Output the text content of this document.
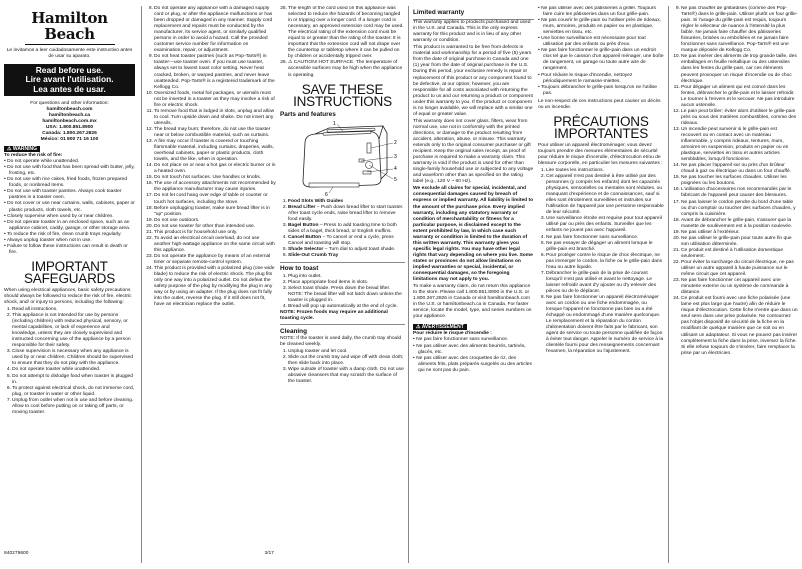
Hamilton Beach
Le invitamos a leer cuidadosamente este instructivo antes de usar su aparato.
Read before use.
Lire avant l'utilisation.
Lea antes de usar.
For questions and other information:
hamiltonbeach.com
hamiltonbeach.ca
hamiltonbeach.com.mx
USA: 1.800.851.8900
Canada: 1.800.267.2826
México: 01 800 71 16 100
⚠ WARNING
To reduce the risk of fire:
• Do not operate while unattended.
• Do not use with food that has been spread with butter, jelly, frosting, etc.
• Do not use with rice cakes, fried foods, frozen prepared foods, or nonbread items.
• Do not use with toaster pastries. Always cook toaster pastries in a toaster oven.
• Do not cover or use near curtains, walls, cabinets, paper or plastic products, cloth towels, etc.
• Closely supervise when used by or near children.
• Do not operate toaster in an enclosed space, such as an appliance cabinet, caddy, garage, or other storage area.
• To reduce the risk of fire, clean crumb trays regularly.
• Always unplug toaster when not in use.
• Failure to follow these instructions can result in death or fire.
IMPORTANT SAFEGUARDS
When using electrical appliances, basic safety precautions should always be followed to reduce the risk of fire, electric shock, and/ or injury to persons, including the following:
1. Read all instructions.
2. This appliance is not intended for use by persons (including children) with reduced physical, sensory, or mental capabilities, or lack of experience and knowledge, unless they are closely supervised and instructed concerning use of the appliance by a person responsible for their safety.
3. Close supervision is necessary when any appliance is used by or near children. Children should be supervised to ensure that they do not play with the appliance.
4. Do not operate toaster while unattended.
5. Do not attempt to dislodge food when toaster is plugged in.
6. To protect against electrical shock, do not immerse cord, plug, or toaster in water or other liquid.
7. Unplug from outlet when not in use and before cleaning. Allow to cool before putting on or taking off parts, or moving toaster.
840279600
8. Do not operate any appliance with a damaged supply cord or plug, or after the appliance malfunctions or has been dropped or damaged in any manner. Supply cord replacement and repairs must be conducted by the manufacturer, its service agent, or similarly qualified persons in order to avoid a hazard. Call the provided customer service number for information on examination, repair, or adjustment.
9. Do not heat toaster pastries (such as Pop-Tarts®) in toaster—use toaster oven. If you must use toaster, always set to lowest toast color setting. Never heat cracked, broken, or warped pastries, and never leave unattended. Pop-Tarts® is a registered trademark of the Kellogg Co.
10. Oversized foods, metal foil packages, or utensils must not be inserted in a toaster as they may involve a risk of fire or electric shock.
11. To remove food that is lodged in slots, unplug and allow to cool. Turn upside down and shake. Do not insert any utensils.
12. The bread may burn; therefore, do not use the toaster near or below combustible material, such as curtains.
13. A fire may occur if toaster is covered or touching flammable material, including curtains, draperies, walls, overhead cabinets, paper or plastic products, cloth towels, and the like, when in operation.
14. Do not place on or near a hot gas or electric burner or in a heated oven.
15. Do not touch hot surfaces. Use handles or knobs.
16. The use of accessory attachments not recommended by the appliance manufacturer may cause injuries.
17. Do not let cord hang over edge of table or counter or touch hot surfaces, including the stove.
18. Before unplugging toaster, make sure bread lifter is in "up" position.
19. Do not use outdoors.
20. Do not use toaster for other than intended use.
21. This product is for household use only.
22. To avoid an electrical circuit overload, do not use another high-wattage appliance on the same circuit with this appliance.
23. Do not operate the appliance by means of an external timer or separate remote-control system.
24. This product is provided with a polarized plug (one wide blade) to reduce the risk of electric shock. The plug fits only one way into a polarized outlet. Do not defeat the safety purpose of the plug by modifying the plug in any way or by using an adapter. If the plug does not fit fully into the outlet, reverse the plug. If it still does not fit, have an electrician replace the outlet.
3/17
25. The length of the cord used on this appliance was selected to reduce the hazards of becoming tangled in or tripping over a longer cord. If a longer cord is necessary, an approved extension cord may be used. The electrical rating of the extension cord must be equal to or greater than the rating of the toaster. It is important that the extension cord will not drape over the countertop or tabletop where it can be pulled on by children or accidentally tripped over.
26. ⚠ CAUTION! HOT SURFACE. The temperature of accessible surfaces may be high when the appliance is operating.
SAVE THESE INSTRUCTIONS
Parts and features
1
2
3
4
5
6
1. Food Slots With Guides
2. Bread Lifter – Push down bread lifter to start toaster. After toast cycle ends, raise bread lifter to remove food easily.
3. Bagel Button – Press to add toasting time to both sides of a bagel, thick bread, or English muffins.
4. Cancel Button – To cancel or end a cycle, press Cancel and toasting will stop.
5. Shade Selector – Turn dial to adjust toast shade.
6. Slide-Out Crumb Tray
How to toast
1. Plug into outlet.
2. Place appropriate food items in slots.
3. Select toast shade. Press down the bread lifter. NOTE: The bread lifter will not latch down unless the toaster is plugged in.
4. Bread will pop up automatically at the end of cycle.
NOTE: Frozen foods may require an additional toasting cycle.
Cleaning
NOTE: If the toaster is used daily, the crumb tray should be cleaned weekly.
1. Unplug toaster and let cool.
2. Slide out the crumb tray and wipe off with clean cloth; then slide back into place.
3. Wipe outside of toaster with a damp cloth. Do not use abrasive cleansers that may scratch the surface of the toaster.
Limited warranty
This warranty applies to products purchased and used in the U.S. and Canada. This is the only express warranty for this product and is in lieu of any other warranty or condition.
This product is warranted to be free from defects in material and workmanship for a period of five (5) years from the date of original purchase in Canada and one (1) year from the date of original purchase in the U.S. During this period, your exclusive remedy is repair or replacement of this product or any component found to be defective, at our option; however, you are responsible for all costs associated with returning the product to us and our returning a product or component under this warranty to you. If the product or component is no longer available, we will replace with a similar one of equal or greater value.
This warranty does not cover glass, filters, wear from normal use, use not in conformity with the printed directions, or damage to the product resulting from accident, alteration, abuse, or misuse. This warranty extends only to the original consumer purchaser or gift recipient. Keep the original sales receipt, as proof of purchase is required to make a warranty claim. This warranty is void if the product is used for other than single-family household use or subjected to any voltage and waveform other than as specified on the rating label (e.g., 120 V ~ 60 Hz).
We exclude all claims for special, incidental, and consequential damages caused by breach of express or implied warranty. All liability is limited to the amount of the purchase price. Every implied warranty, including any statutory warranty or condition of merchantability or fitness for a particular purpose, is disclaimed except to the extent prohibited by law, in which case such warranty or condition is limited to the duration of this written warranty. This warranty gives you specific legal rights. You may have other legal rights that vary depending on where you live. Some states or provinces do not allow limitations on implied warranties or special, incidental, or consequential damages, so the foregoing limitations may not apply to you.
To make a warranty claim, do not return this appliance to the store. Please call 1.800.851.8900 in the U.S. or 1.800.267.2826 in Canada or visit hamiltonbeach.com in the U.S. or hamiltonbeach.ca in Canada. For faster service, locate the model, type, and series numbers on your appliance.
⚠ AVERTISSEMENT
Pour réduire le risque d'incendie :
• Ne pas faire fonctionner sans surveillance.
• Ne pas utiliser avec des aliments beurrés, tartinés, glacés, etc.
• Ne pas utiliser avec des croquettes de riz, des aliments frits, plats préparés surgelés ou des articles qui ne sont pas du pain.
• Ne pas utiliser avec des pâtisseries à griller. Toujours faire cuire les pâtisseries dans un four grille-pain.
• Ne pas couvrir le grille-pain ou l'utiliser près de rideaux, murs, armoires, produits en papier ou en plastique, serviettes en tissu, etc.
• Une bonne surveillance est nécessaire pour tout utilisation par des enfants ou près d'eux.
• Ne pas faire fonctionner le grille-pain dans un endroit clos tel que le caisson d'un appareil ménager, une boîte de rangement, un garage ou toute autre aire de rangement.
• Pour réduire le risque d'incendie, nettoyez périodiquement le ramasse-miettes.
• Toujours débrancher le grille-pain lorsqu'on ne l'utilise pas.
Le non-respect de ces instructions peut causer un décès ou un incendie.
PRÉCAUTIONS IMPORTANTES
Pour utiliser un appareil électroménager, vous devez toujours prendre des mesures élémentaires de sécurité pour réduire le risque d'incendie, d'électrocution et/ou de blessure corporelle, en particulier les mesures suivantes :
1. Lire toutes les instructions.
2. Cet appareil n'est pas destiné à être utilisé par des personnes (y compris les enfants) dont les capacités physiques, sensorielles ou mentales sont réduites, ou manquant d'expérience et de connaissances, sauf si elles sont étroitement surveillées et instruites sur l'utilisation de l'appareil par une personne responsable de leur sécurité.
3. Une surveillance étroite est requise pour tout appareil utilisé par ou près des enfants. Surveiller que les enfants ne jouent pas avec l'appareil.
4. Ne pas faire fonctionner sans surveillance.
5. Ne pas essayer de dégager un aliment lorsque le grille-pain est branché.
6. Pour protéger contre le risque de choc électrique, ne pas immerger le cordon, la fiche ou le grille-pain dans l'eau ou autre liquide.
7. Débrancher le grille-pain de la prise de courant lorsqu'il n'est pas utilisé et avant le nettoyage. Le laisser refroidir avant d'y ajouter ou d'y enlever des pièces ou de le déplacer.
8. Ne pas faire fonctionner un appareil électroménager avec un cordon ou une fiche endommagée, ou lorsque l'appareil ne fonctionne pas bien ou a été échappé ou endommagé d'une manière quelconque. Le remplacement et la réparation du cordon d'alimentation doivent être faits par le fabricant, son agent de service ou toute personne qualifiée de façon à éviter tout danger. Appeler le numéro de service à la clientèle fourni pour des renseignements concernant l'examen, la réparation ou l'ajustement.
9. Ne pas chauffer de grillardises (comme des Pop-Tarts®) dans le grille-pain. Utiliser plutôt un four grille-pain. Si l'usage du grille-pain est requis, toujours régler le sélecteur de nuance à l'intensité la plus faible. Ne jamais faire chauffer des pâtisseries fissurées, brisées ou emboîtées et ne jamais faire fonctionner sans surveillance. Pop-Tarts® est une marque déposée de Kellogg Co.
10. Ne pas insérer des aliments de trop grande taille, des emballages en feuille métallique ou des ustensiles dans les fentes du grille-pain, car ces éléments peuvent provoquer un risque d'incendie ou de choc électrique.
11. Pour dégager un aliment qui est coincé dans les fentes, débrancher le grille-pain et le laisser refroidir. Le tourner à l'envers et le secouer. Ne pas introduire aucun ustensile.
12. Le pain peut brûler; éviter alors d'utiliser le grille-pain près ou sous des matières combustibles, comme des rideaux.
13. Un incendie peut survenir si le grille-pain est recouvert ou en contact avec un matériau inflammable, y compris rideaux, tentures, murs, armoires en suspension, produits en papier ou en plastique, serviettes en tissu et autres articles semblables, lorsqu'il fonctionne.
14. Ne pas placer l'appareil sur ou près d'un brûleur chaud à gaz ou électrique ou dans un four chauffé.
15. Ne pas toucher les surfaces chaudes. Utiliser les poignées ou les boutons.
16. L'utilisation d'accessoires non recommandés par le fabricant de l'appareil peut causer des blessures.
17. Ne pas laisser le cordon pendre du bord d'une table ou d'un comptoir ou toucher des surfaces chaudes, y compris la cuisinière.
18. Avant de débrancher le grille-pain, s'assurer que la manette de soulèvement est à la position soulevée.
19. Ne pas utiliser à l'extérieur.
20. Ne pas utiliser le grille-pain pour toute autre fin que son utilisation déterminée.
21. Ce produit est destiné à l'utilisation domestique seulement.
22. Pour éviter la surcharge du circuit électrique, ne pas utiliser un autre appareil à haute puissance sur le même circuit que cet appareil.
23. Ne pas faire fonctionner cet appareil avec une minuterie externe ou un système de commande à distance.
24. Ce produit est fourni avec une fiche polarisée (une lame est plus large que l'autre) afin de réduire le risque d'électrocution. Cette fiche n'entre que dans un seul sens dans une prise polarisée. Ne contournez pas l'objet dispositif de sécurité de la fiche en la modifiant de quelque manière que ce soit ou en utilisant un adaptateur. Si vous ne pouvez pas insérer complètement la fiche dans la prise, inversez la fiche. Si elle refuse toujours de s'insérer, faire remplacer la prise par un électricien.
